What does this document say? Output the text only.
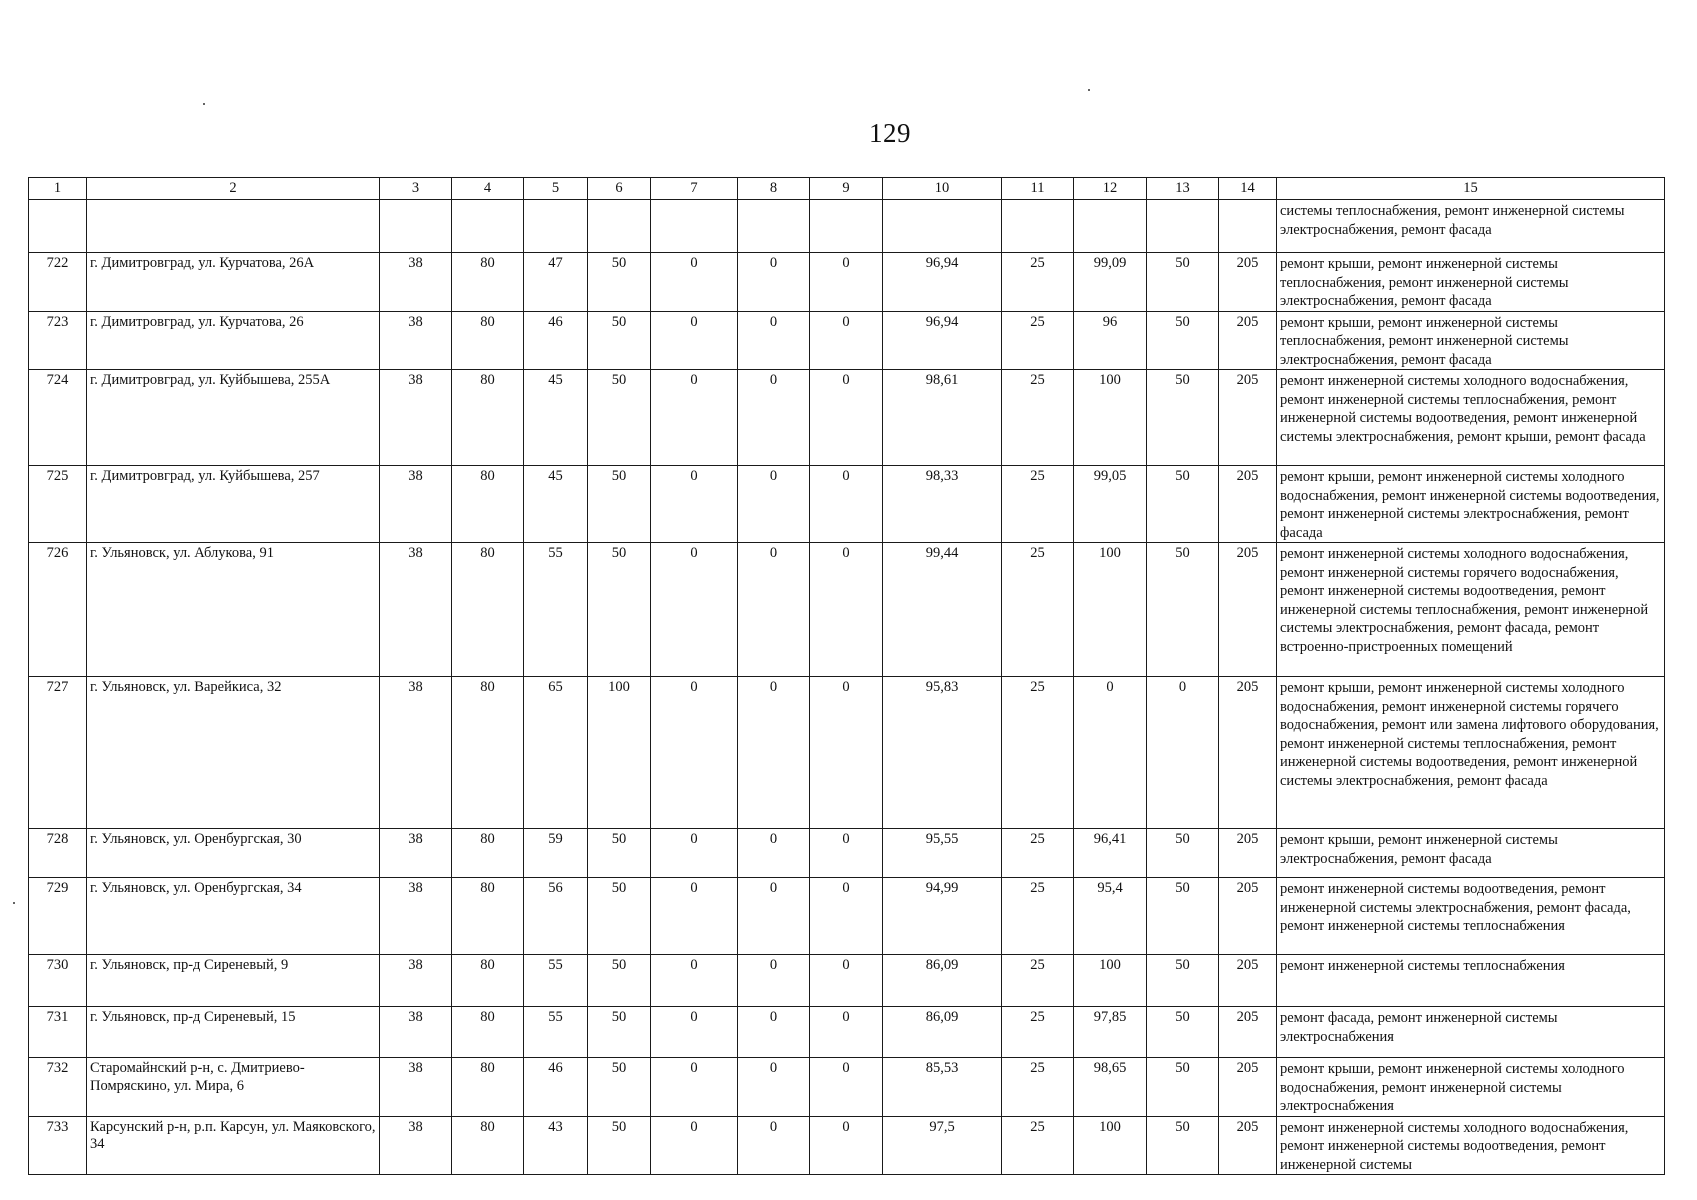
129
1	2	3	4	5	6	7	8	9	10	11	12	13	14	15
														системы теплоснабжения, ремонт инженерной системы электроснабжения, ремонт фасада
722	г. Димитровград, ул. Курчатова, 26А	38	80	47	50	0	0	0	96,94	25	99,09	50	205	ремонт крыши, ремонт инженерной системы теплоснабжения, ремонт инженерной системы электроснабжения, ремонт фасада
723	г. Димитровград, ул. Курчатова, 26	38	80	46	50	0	0	0	96,94	25	96	50	205	ремонт крыши, ремонт инженерной системы теплоснабжения, ремонт инженерной системы электроснабжения, ремонт фасада
724	г. Димитровград, ул. Куйбышева, 255А	38	80	45	50	0	0	0	98,61	25	100	50	205	ремонт инженерной системы холодного водоснабжения, ремонт инженерной системы теплоснабжения, ремонт инженерной системы водоотведения, ремонт инженерной системы электроснабжения, ремонт крыши, ремонт фасада
725	г. Димитровград, ул. Куйбышева, 257	38	80	45	50	0	0	0	98,33	25	99,05	50	205	ремонт крыши, ремонт инженерной системы холодного водоснабжения, ремонт инженерной системы водоотведения, ремонт инженерной системы электроснабжения, ремонт фасада
726	г. Ульяновск, ул. Аблукова, 91	38	80	55	50	0	0	0	99,44	25	100	50	205	ремонт инженерной системы холодного водоснабжения, ремонт инженерной системы горячего водоснабжения, ремонт инженерной системы водоотведения, ремонт инженерной системы теплоснабжения, ремонт инженерной системы электроснабжения, ремонт фасада, ремонт встроенно-пристроенных помещений
727	г. Ульяновск, ул. Варейкиса, 32	38	80	65	100	0	0	0	95,83	25	0	0	205	ремонт крыши, ремонт инженерной системы холодного водоснабжения, ремонт инженерной системы горячего водоснабжения, ремонт или замена лифтового оборудования, ремонт инженерной системы теплоснабжения, ремонт инженерной системы водоотведения, ремонт инженерной системы электроснабжения, ремонт фасада
728	г. Ульяновск, ул. Оренбургская, 30	38	80	59	50	0	0	0	95,55	25	96,41	50	205	ремонт крыши, ремонт инженерной системы электроснабжения, ремонт фасада
729	г. Ульяновск, ул. Оренбургская, 34	38	80	56	50	0	0	0	94,99	25	95,4	50	205	ремонт инженерной системы водоотведения, ремонт инженерной системы электроснабжения, ремонт фасада, ремонт инженерной системы теплоснабжения
730	г. Ульяновск, пр-д Сиреневый, 9	38	80	55	50	0	0	0	86,09	25	100	50	205	ремонт инженерной системы теплоснабжения
731	г. Ульяновск, пр-д Сиреневый, 15	38	80	55	50	0	0	0	86,09	25	97,85	50	205	ремонт фасада, ремонт инженерной системы электроснабжения
732	Старомайнский р-н, с. Дмитриево-Помряскино, ул. Мира, 6	38	80	46	50	0	0	0	85,53	25	98,65	50	205	ремонт крыши, ремонт инженерной системы холодного водоснабжения, ремонт инженерной системы электроснабжения
733	Карсунский р-н, р.п. Карсун, ул. Маяковского, 34	38	80	43	50	0	0	0	97,5	25	100	50	205	ремонт инженерной системы холодного водоснабжения, ремонт инженерной системы водоотведения, ремонт инженерной системы
